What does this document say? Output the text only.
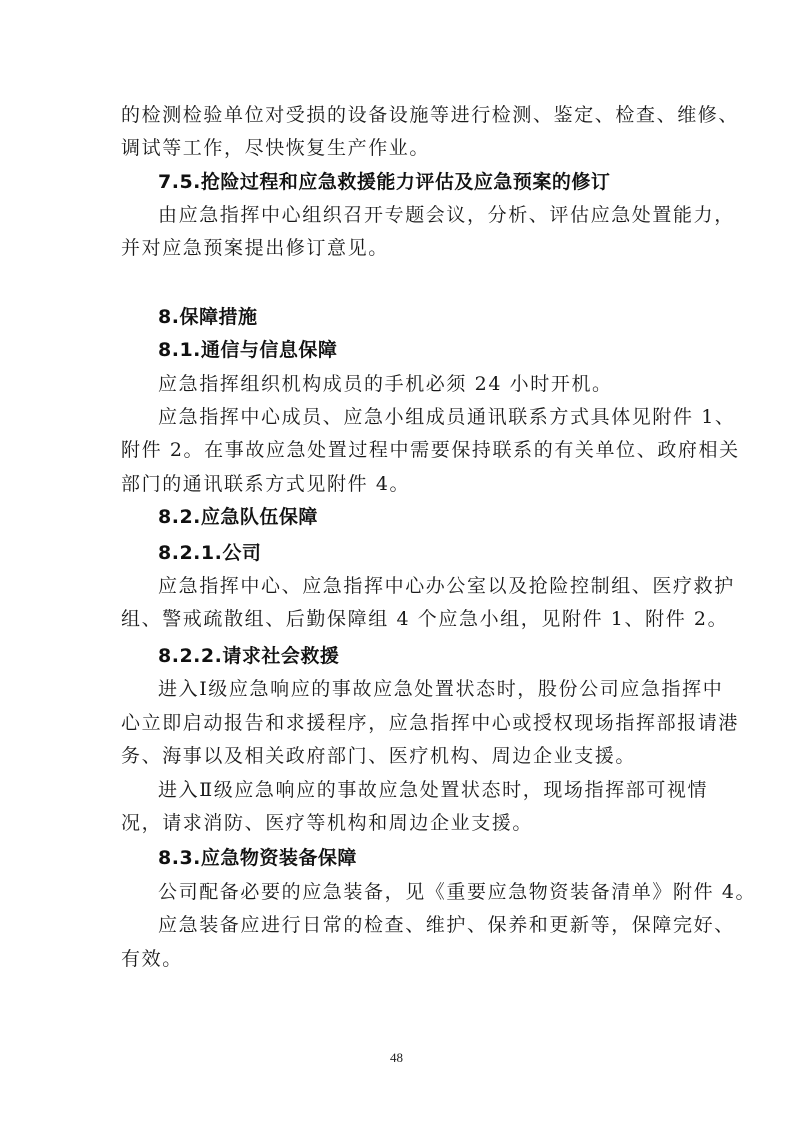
的检测检验单位对受损的设备设施等进行检测、鉴定、检查、维修、
调试等工作，尽快恢复生产作业。
7.5.抢险过程和应急救援能力评估及应急预案的修订
由应急指挥中心组织召开专题会议，分析、评估应急处置能力，
并对应急预案提出修订意见。
8.保障措施
8.1.通信与信息保障
应急指挥组织机构成员的手机必须 24 小时开机。
应急指挥中心成员、应急小组成员通讯联系方式具体见附件 1、
附件 2。在事故应急处置过程中需要保持联系的有关单位、政府相关
部门的通讯联系方式见附件 4。
8.2.应急队伍保障
8.2.1.公司
应急指挥中心、应急指挥中心办公室以及抢险控制组、医疗救护
组、警戒疏散组、后勤保障组 4 个应急小组，见附件 1、附件 2。
8.2.2.请求社会救援
进入Ⅰ级应急响应的事故应急处置状态时，股份公司应急指挥中
心立即启动报告和求援程序，应急指挥中心或授权现场指挥部报请港
务、海事以及相关政府部门、医疗机构、周边企业支援。
进入Ⅱ级应急响应的事故应急处置状态时，现场指挥部可视情
况，请求消防、医疗等机构和周边企业支援。
8.3.应急物资装备保障
公司配备必要的应急装备，见《重要应急物资装备清单》附件 4。
应急装备应进行日常的检查、维护、保养和更新等，保障完好、
有效。
48
